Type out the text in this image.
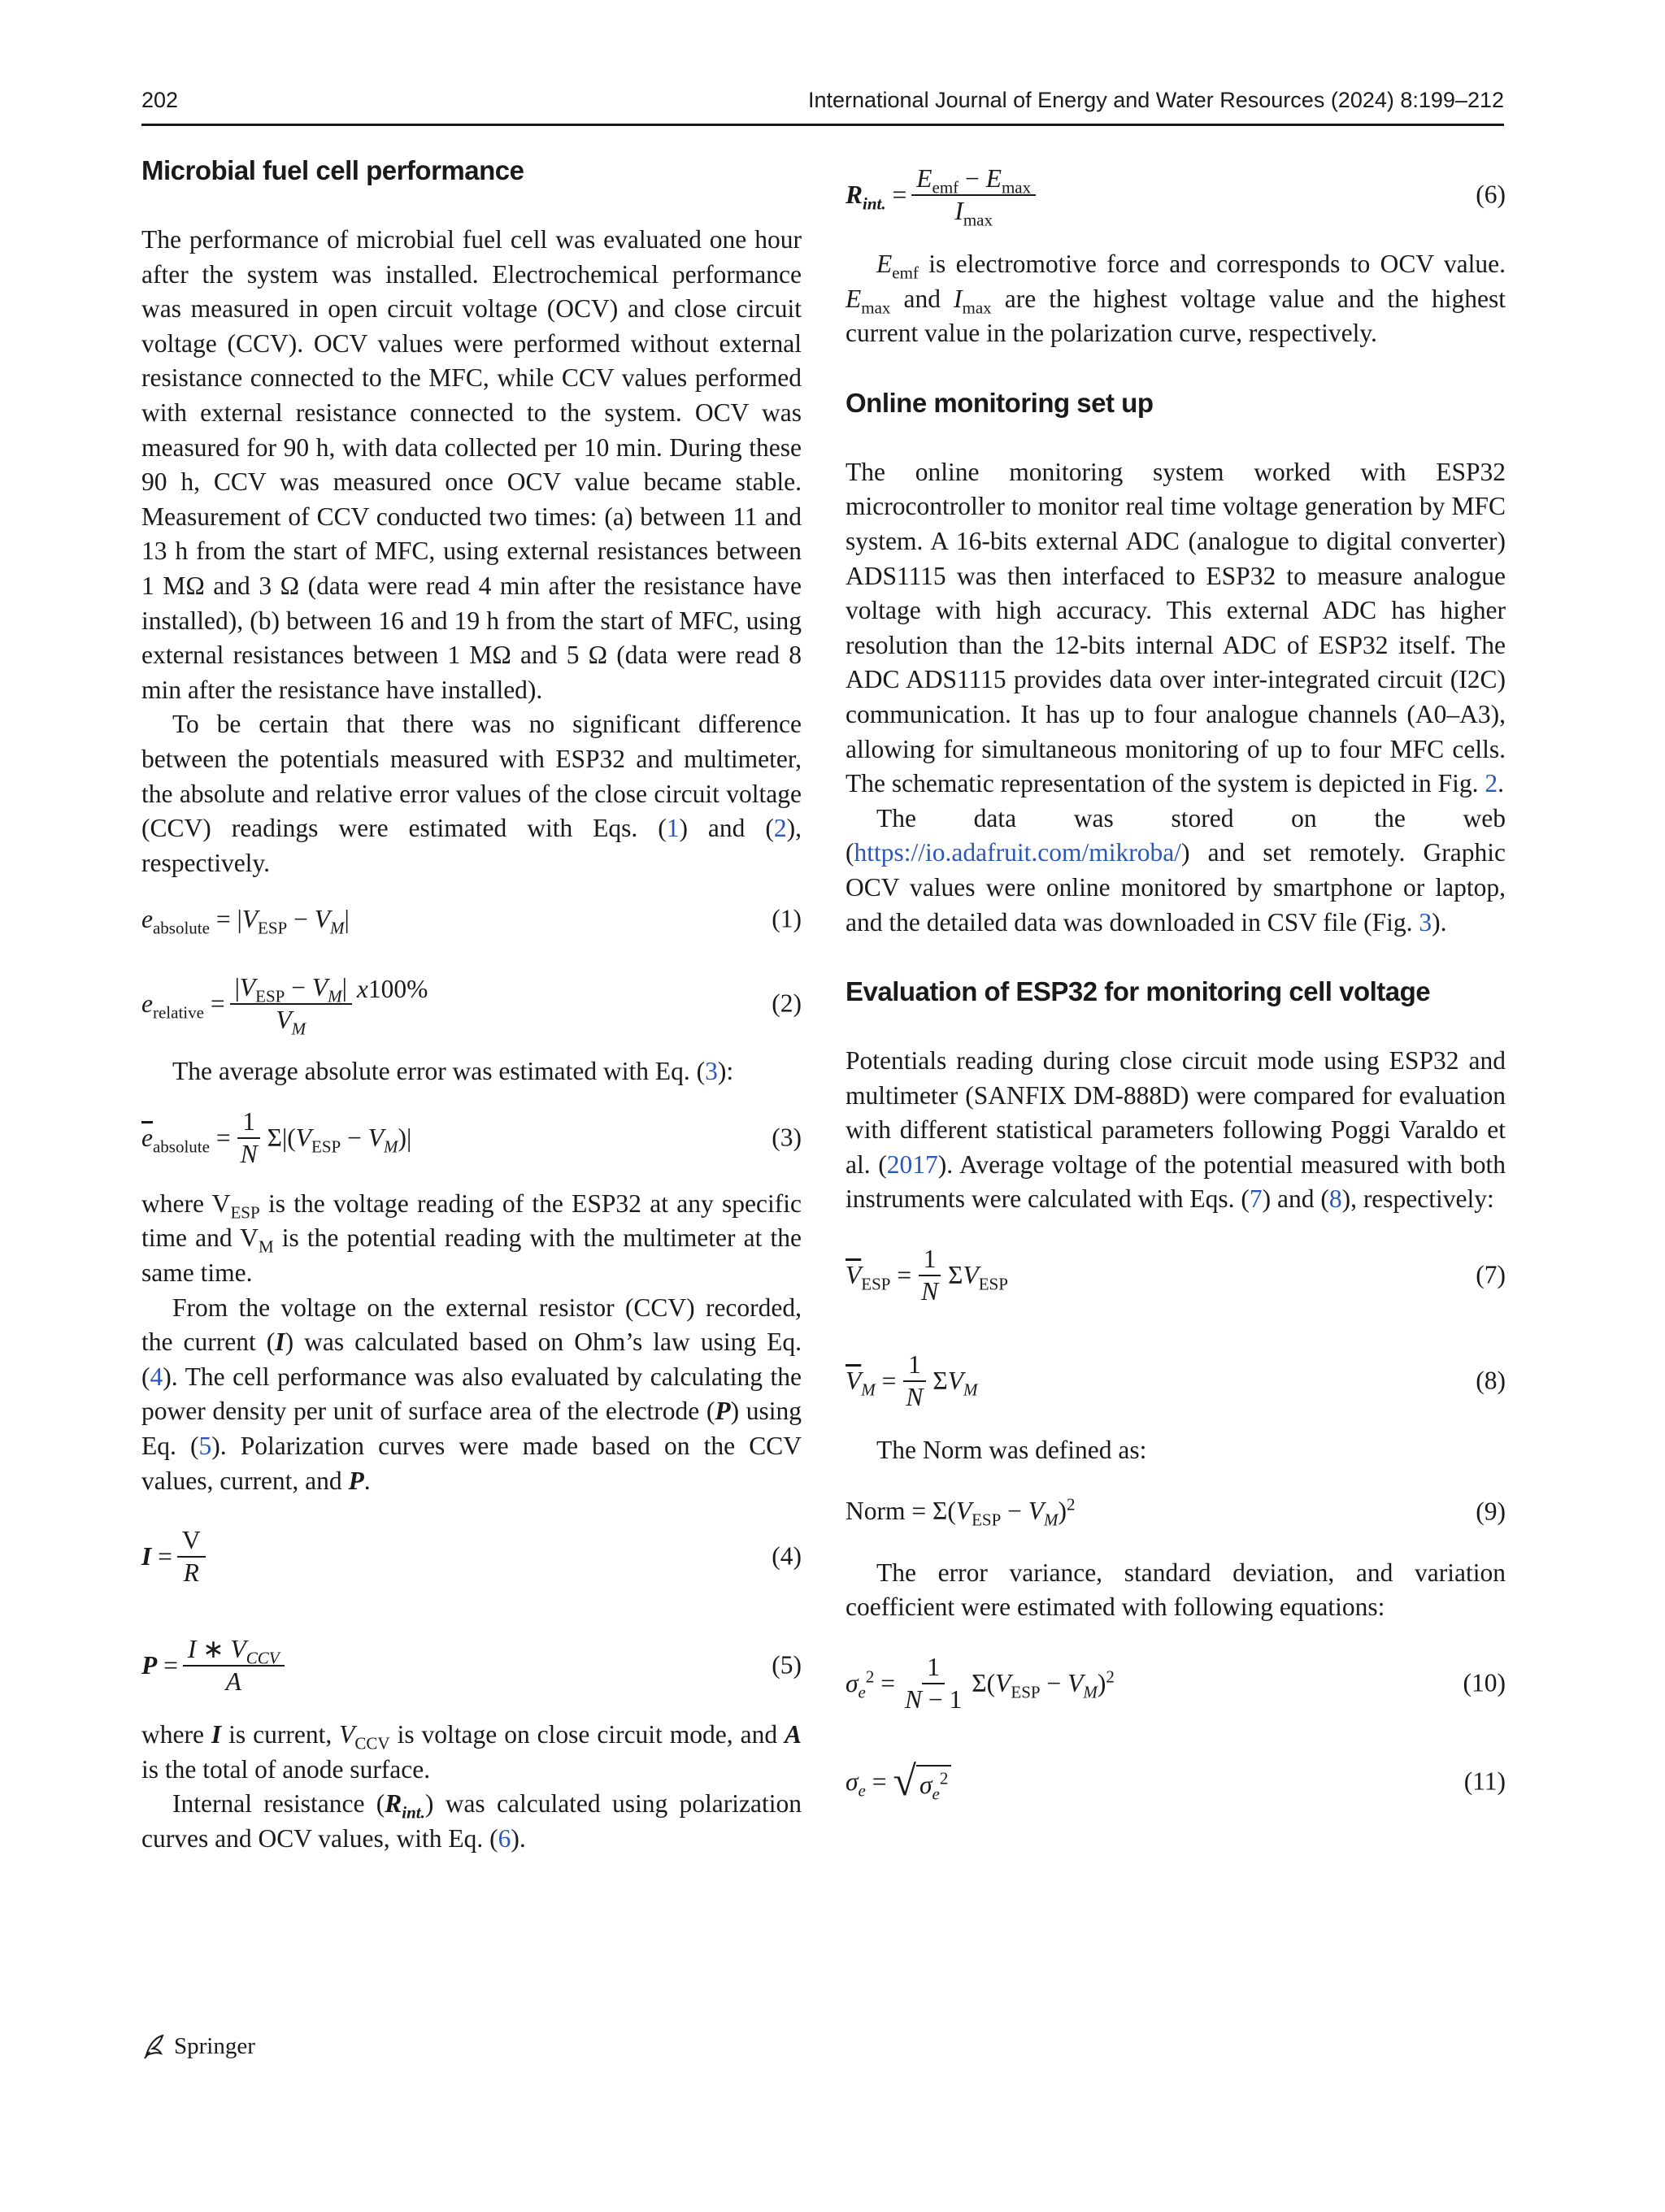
202	International Journal of Energy and Water Resources (2024) 8:199–212
Microbial fuel cell performance

The performance of microbial fuel cell was evaluated one hour after the system was installed. Electrochemical performance was measured in open circuit voltage (OCV) and close circuit voltage (CCV). OCV values were performed without external resistance connected to the MFC, while CCV values performed with external resistance connected to the system. OCV was measured for 90 h, with data collected per 10 min. During these 90 h, CCV was measured once OCV value became stable. Measurement of CCV conducted two times: (a) between 11 and 13 h from the start of MFC, using external resistances between 1 MΩ and 3 Ω (data were read 4 min after the resistance have installed), (b) between 16 and 19 h from the start of MFC, using external resistances between 1 MΩ and 5 Ω (data were read 8 min after the resistance have installed).

To be certain that there was no significant difference between the potentials measured with ESP32 and multimeter, the absolute and relative error values of the close circuit voltage (CCV) readings were estimated with Eqs. (1) and (2), respectively.

$e_{absolute} = |V_{ESP} - V_M|$	(1)
$e_{relative} = \frac{|V_{ESP} - V_M|}{V_M} x100\%$
(2)

The average absolute error was estimated with Eq. (3):

$\overline{e}_{absolute} = \frac{1}{N} \Sigma|(V_{ESP} - V_M)|$	(3)

where $V_{ESP}$ is the voltage reading of the ESP32 at any specific time and $V_M$ is the potential reading with the multimeter at the same time.

From the voltage on the external resistor (CCV) recorded, the current (I) was calculated based on Ohm’s law using Eq. (4). The cell performance was also evaluated by calculating the power density per unit of surface area of the electrode (P) using Eq. (5). Polarization curves were made based on the CCV values, current, and P.

$I = \frac{V}{R}$	(4)
$P = \frac{I ∗ V_{CCV}}{A}$	(5)

where I is current, $V_{CCV}$ is voltage on close circuit mode, and A is the total of anode surface.

Internal resistance $(R_{int.})$ was calculated using polarization curves and OCV values, with Eq. (6).

$R_{int.} = \frac{E_{emf} - E_{max}}{I_{max}}$	(6)

$E_{emf}$ is electromotive force and corresponds to OCV value. $E_{max}$ and $I_{max}$ are the highest voltage value and the highest current value in the polarization curve, respectively.

Online monitoring set up

The online monitoring system worked with ESP32 microcontroller to monitor real time voltage generation by MFC system. A 16-bits external ADC (analogue to digital converter) ADS1115 was then interfaced to ESP32 to measure analogue voltage with high accuracy. This external ADC has higher resolution than the 12-bits internal ADC of ESP32 itself. The ADC ADS1115 provides data over inter-integrated circuit (I2C) communication. It has up to four analogue channels (A0–A3), allowing for simultaneous monitoring of up to four MFC cells. The schematic representation of the system is depicted in Fig. 2.

The data was stored on the web (https://io.adafruit.com/mikroba/) and set remotely. Graphic OCV values were online monitored by smartphone or laptop, and the detailed data was downloaded in CSV file (Fig. 3).

Evaluation of ESP32 for monitoring cell voltage

Potentials reading during close circuit mode using ESP32 and multimeter (SANFIX DM-888D) were compared for evaluation with different statistical parameters following Poggi Varaldo et al. (2017). Average voltage of the potential measured with both instruments were calculated with Eqs. (7) and (8), respectively:

$\overline{V}_{ESP} = \frac{1}{N} \Sigma V_{ESP}$	(7)
$\overline{V}_M = \frac{1}{N} \Sigma V_M$	(8)

The Norm was defined as:

Norm = $\Sigma(V_{ESP} - V_M)^2$	(9)

The error variance, standard deviation, and variation coefficient were estimated with following equations:

$\sigma_e^2 = \frac{1}{N - 1} \Sigma(V_{ESP} - V_M)^2$	(10)
$\sigma_e$ = √ $\sigma_e^2$	(11)
Springer
